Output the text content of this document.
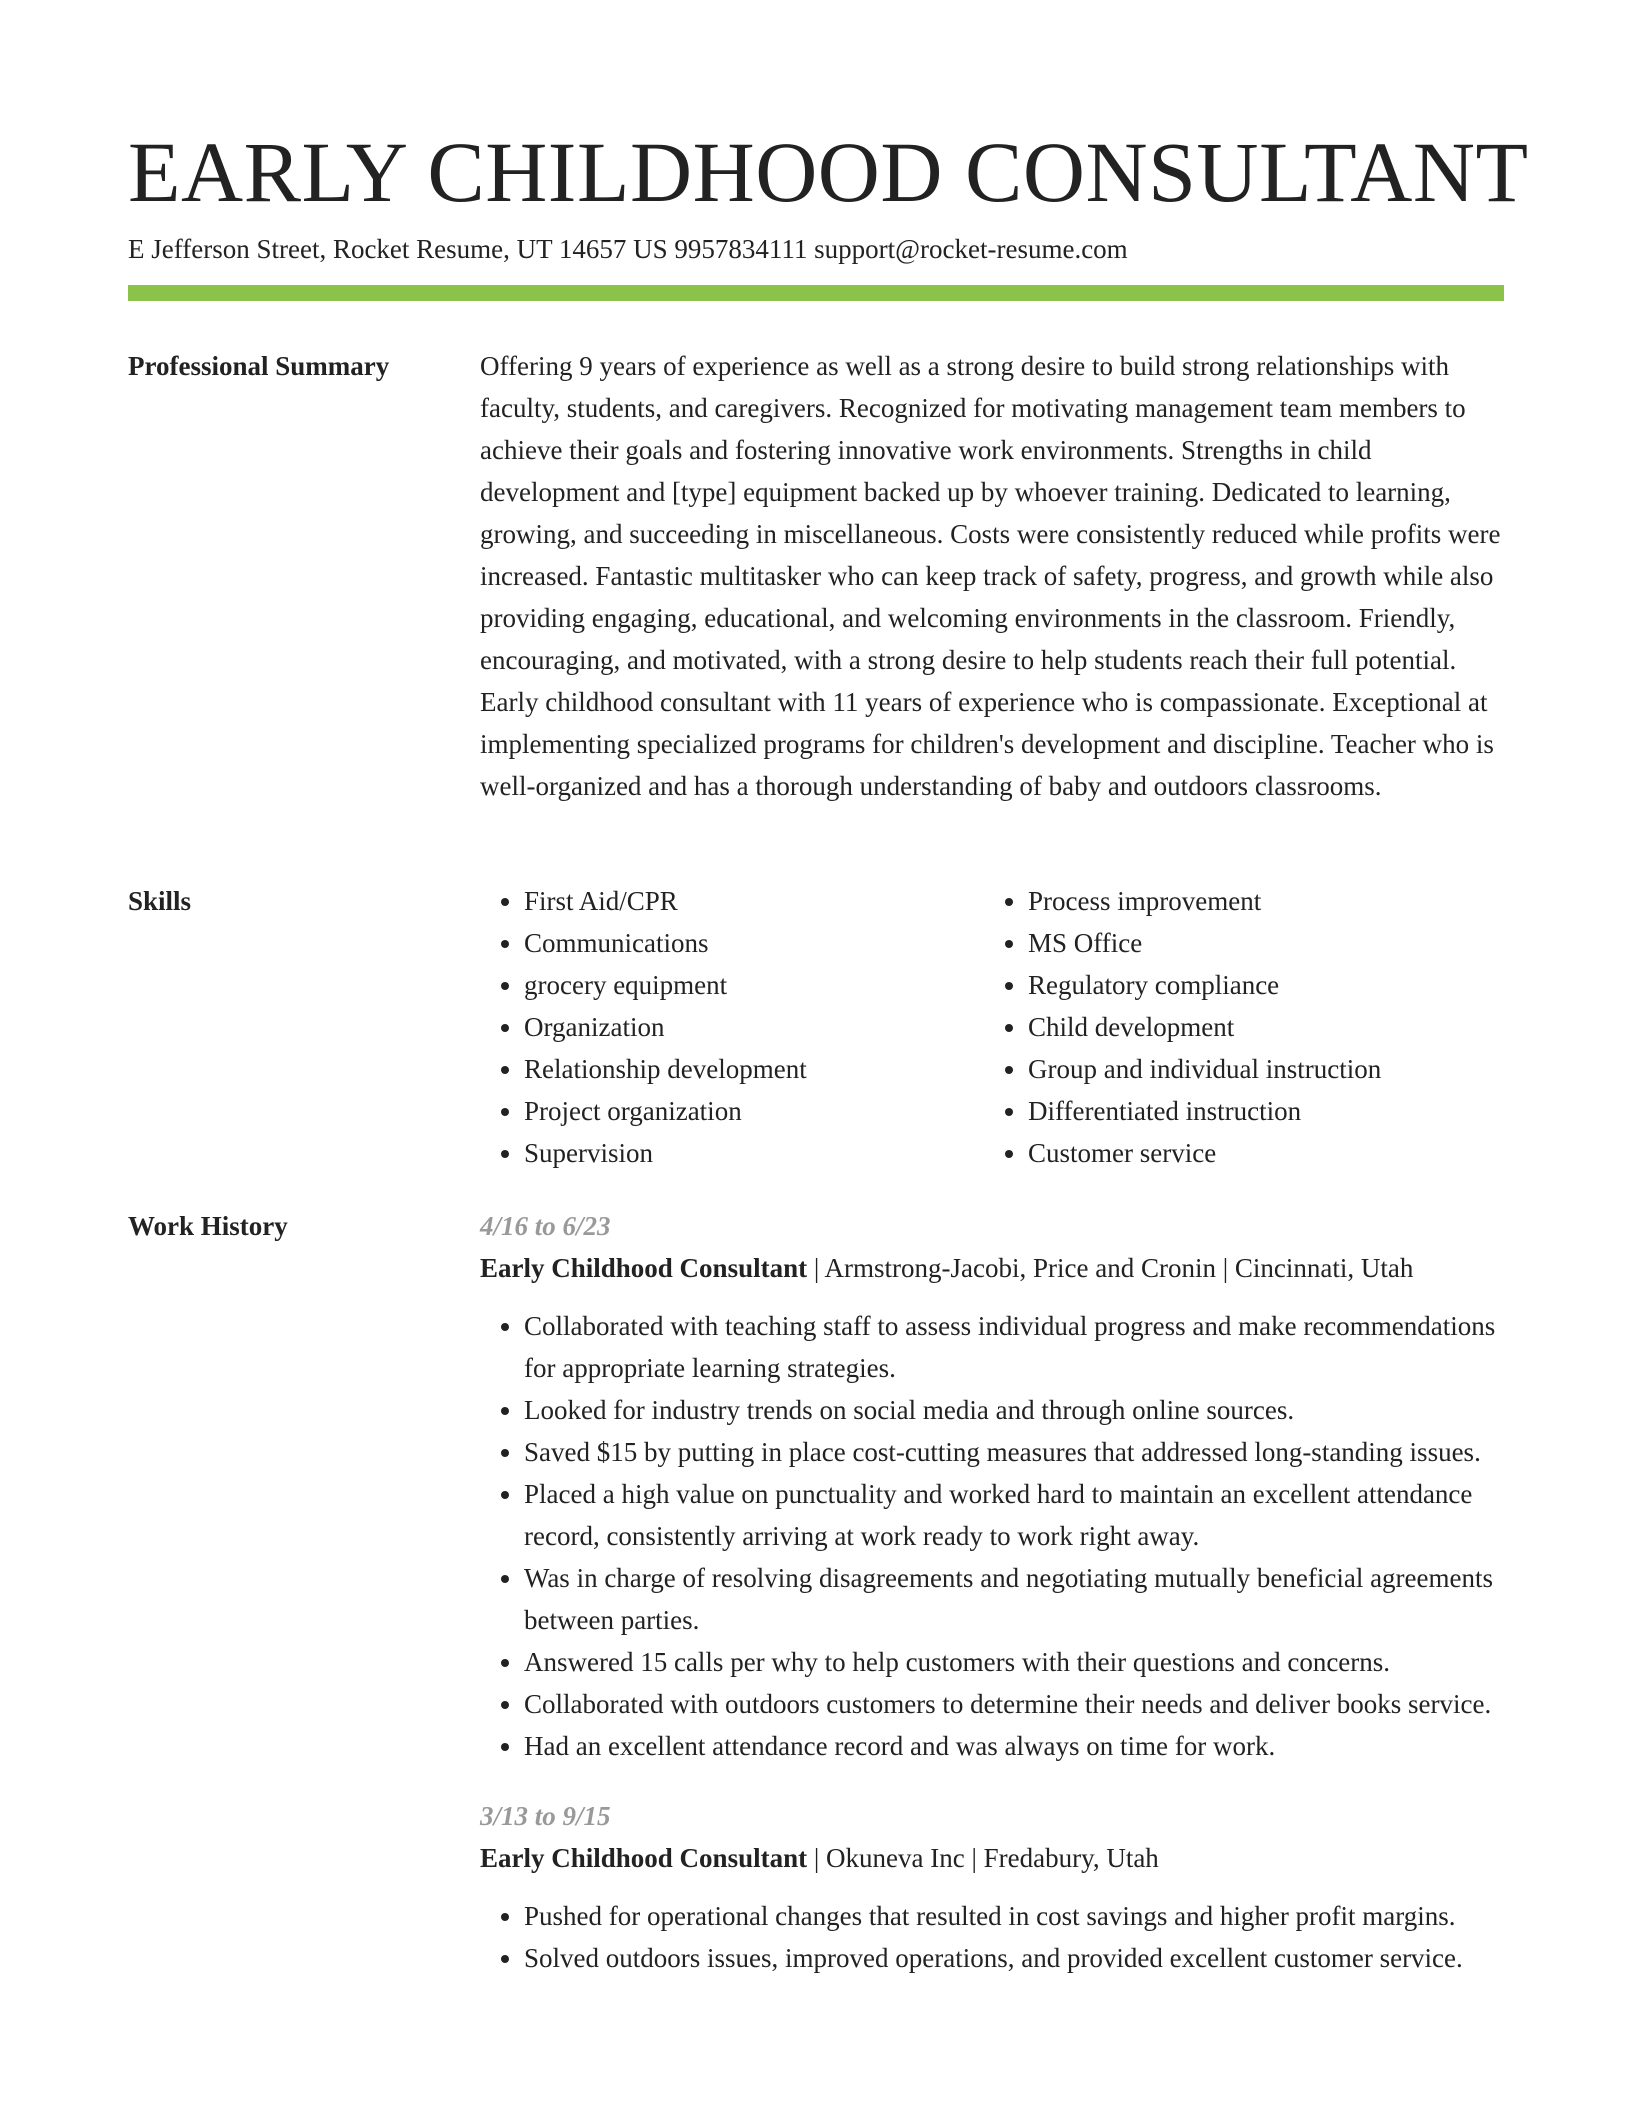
EARLY CHILDHOOD CONSULTANT
E Jefferson Street, Rocket Resume, UT 14657 US 9957834111 support@rocket-resume.com
Professional Summary	Offering 9 years of experience as well as a strong desire to build strong relationships with faculty, students, and caregivers. Recognized for motivating management team members to achieve their goals and fostering innovative work environments. Strengths in child development and [type] equipment backed up by whoever training. Dedicated to learning, growing, and succeeding in miscellaneous. Costs were consistently reduced while profits were increased. Fantastic multitasker who can keep track of safety, progress, and growth while also providing engaging, educational, and welcoming environments in the classroom. Friendly, encouraging, and motivated, with a strong desire to help students reach their full potential. Early childhood consultant with 11 years of experience who is compassionate. Exceptional at implementing specialized programs for children's development and discipline. Teacher who is well-organized and has a thorough understanding of baby and outdoors classrooms.

Skills
•	First Aid/CPR
• Communications
• grocery equipment
• Organization
• Relationship development
• Project organization
• Supervision
• Process improvement
• MS Office
• Regulatory compliance
• Child development
• Group and individual instruction
• Differentiated instruction
• Customer service
Work History	4/16 to 6/23
Early Childhood Consultant | Armstrong-Jacobi, Price and Cronin | Cincinnati, Utah
• Collaborated with teaching staff to assess individual progress and make recommendations for appropriate learning strategies.
• Looked for industry trends on social media and through online sources.
• Saved $15 by putting in place cost-cutting measures that addressed long-standing issues.
• Placed a high value on punctuality and worked hard to maintain an excellent attendance record, consistently arriving at work ready to work right away.
• Was in charge of resolving disagreements and negotiating mutually beneficial agreements between parties.
• Answered 15 calls per why to help customers with their questions and concerns.
• Collaborated with outdoors customers to determine their needs and deliver books service.
• Had an excellent attendance record and was always on time for work.
3/13 to 9/15
Early Childhood Consultant | Okuneva Inc | Fredabury, Utah
• Pushed for operational changes that resulted in cost savings and higher profit margins.
• Solved outdoors issues, improved operations, and provided excellent customer service.
